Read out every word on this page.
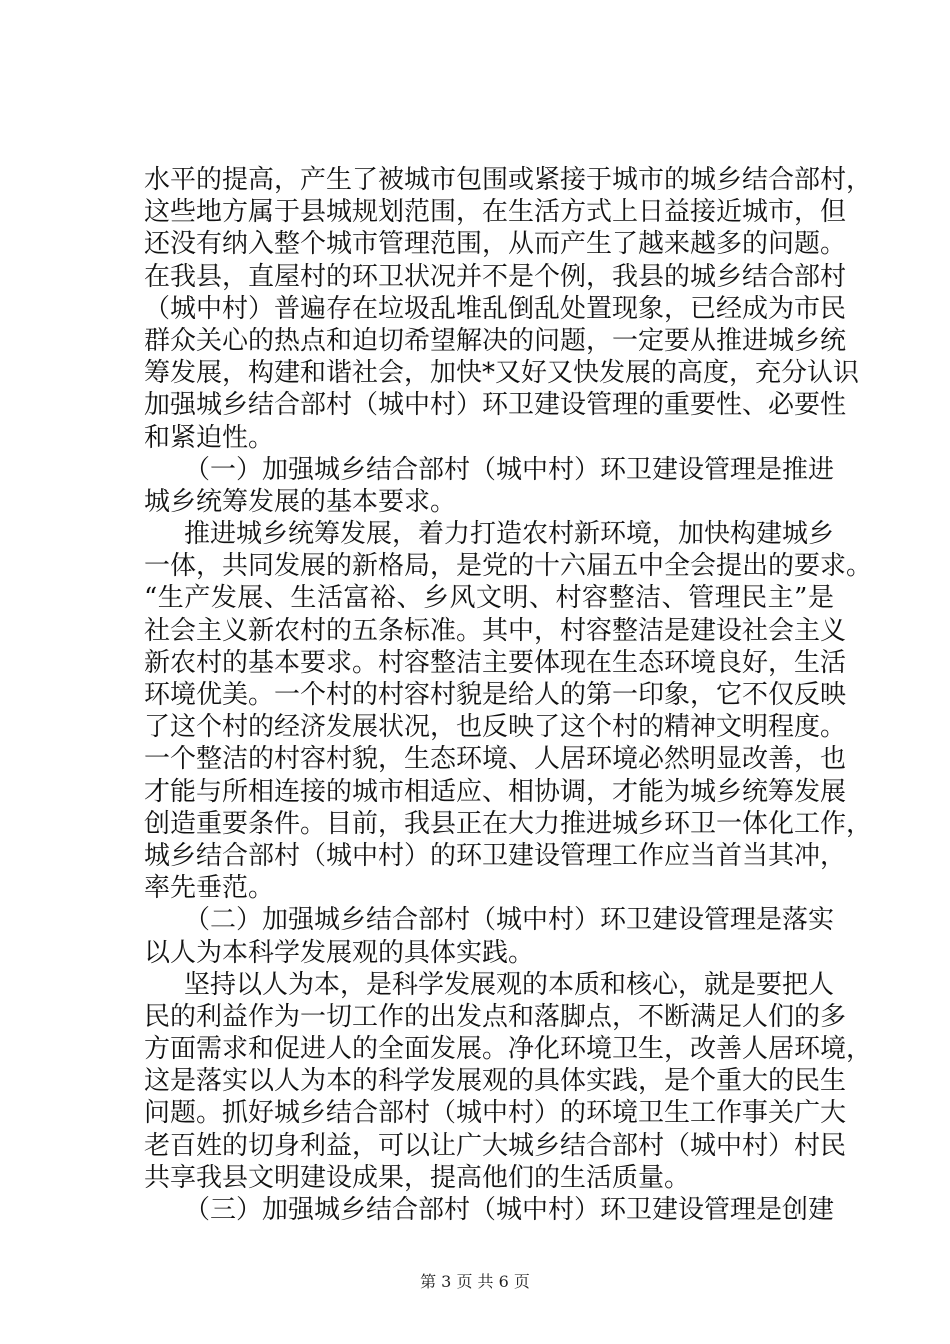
水平的提高，产生了被城市包围或紧接于城市的城乡结合部村，
这些地方属于县城规划范围，在生活方式上日益接近城市，但
还没有纳入整个城市管理范围，从而产生了越来越多的问题。
在我县，直屋村的环卫状况并不是个例，我县的城乡结合部村
（城中村）普遍存在垃圾乱堆乱倒乱处置现象，已经成为市民
群众关心的热点和迫切希望解决的问题，一定要从推进城乡统
筹发展，构建和谐社会，加快*又好又快发展的高度，充分认识
加强城乡结合部村（城中村）环卫建设管理的重要性、必要性
和紧迫性。
（一）加强城乡结合部村（城中村）环卫建设管理是推进
城乡统筹发展的基本要求。
推进城乡统筹发展，着力打造农村新环境，加快构建城乡
一体，共同发展的新格局，是党的十六届五中全会提出的要求。
“生产发展、生活富裕、乡风文明、村容整洁、管理民主”是
社会主义新农村的五条标准。其中，村容整洁是建设社会主义
新农村的基本要求。村容整洁主要体现在生态环境良好，生活
环境优美。一个村的村容村貌是给人的第一印象，它不仅反映
了这个村的经济发展状况，也反映了这个村的精神文明程度。
一个整洁的村容村貌，生态环境、人居环境必然明显改善，也
才能与所相连接的城市相适应、相协调，才能为城乡统筹发展
创造重要条件。目前，我县正在大力推进城乡环卫一体化工作，
城乡结合部村（城中村）的环卫建设管理工作应当首当其冲，
率先垂范。
（二）加强城乡结合部村（城中村）环卫建设管理是落实
以人为本科学发展观的具体实践。
坚持以人为本，是科学发展观的本质和核心，就是要把人
民的利益作为一切工作的出发点和落脚点，不断满足人们的多
方面需求和促进人的全面发展。净化环境卫生，改善人居环境，
这是落实以人为本的科学发展观的具体实践，是个重大的民生
问题。抓好城乡结合部村（城中村）的环境卫生工作事关广大
老百姓的切身利益，可以让广大城乡结合部村（城中村）村民
共享我县文明建设成果，提高他们的生活质量。
（三）加强城乡结合部村（城中村）环卫建设管理是创建
第 3 页 共 6 页
